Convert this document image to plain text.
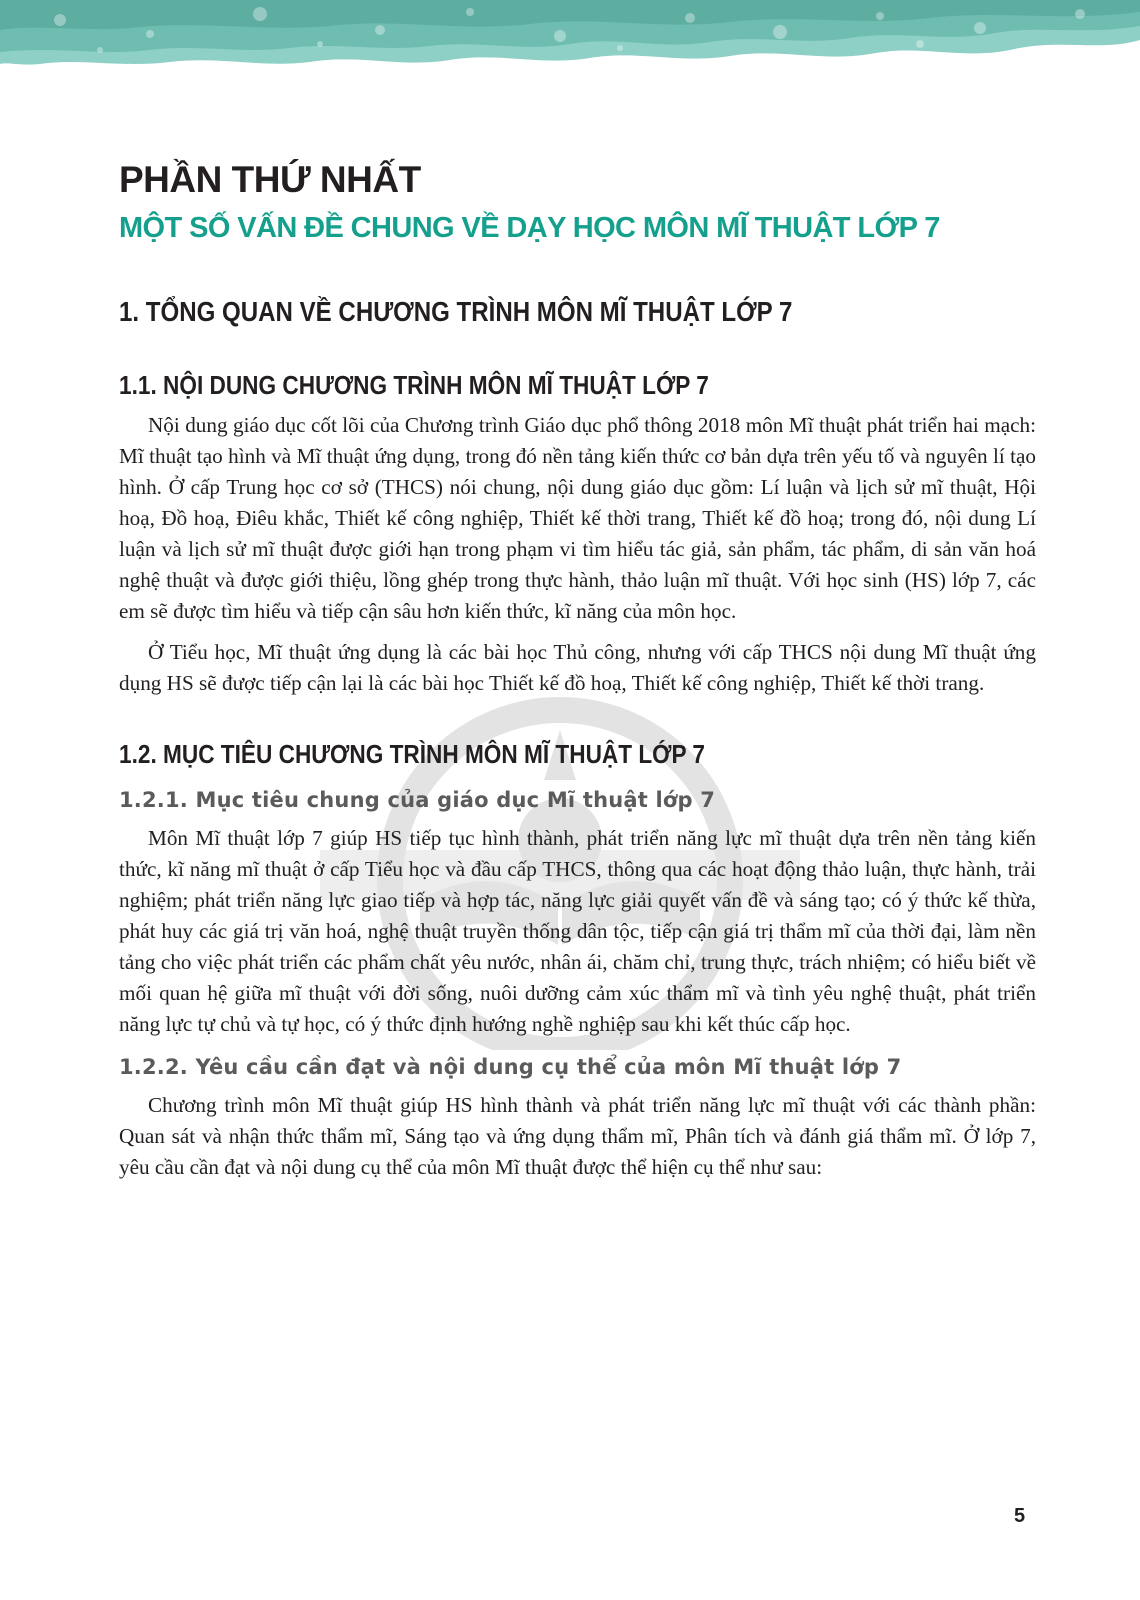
PHẦN THỨ NHẤT
MỘT SỐ VẤN ĐỀ CHUNG VỀ DẠY HỌC MÔN MĨ THUẬT LỚP 7
1. TỔNG QUAN VỀ CHƯƠNG TRÌNH MÔN MĨ THUẬT LỚP 7
1.1. NỘI DUNG CHƯƠNG TRÌNH MÔN MĨ THUẬT LỚP 7

Nội dung giáo dục cốt lõi của Chương trình Giáo dục phổ thông 2018 môn Mĩ thuật phát triển hai mạch: Mĩ thuật tạo hình và Mĩ thuật ứng dụng, trong đó nền tảng kiến thức cơ bản dựa trên yếu tố và nguyên lí tạo hình. Ở cấp Trung học cơ sở (THCS) nói chung, nội dung giáo dục gồm: Lí luận và lịch sử mĩ thuật, Hội hoạ, Đồ hoạ, Điêu khắc, Thiết kế công nghiệp, Thiết kế thời trang, Thiết kế đồ hoạ; trong đó, nội dung Lí luận và lịch sử mĩ thuật được giới hạn trong phạm vi tìm hiểu tác giả, sản phẩm, tác phẩm, di sản văn hoá nghệ thuật và được giới thiệu, lồng ghép trong thực hành, thảo luận mĩ thuật. Với học sinh (HS) lớp 7, các em sẽ được tìm hiểu và tiếp cận sâu hơn kiến thức, kĩ năng của môn học.

Ở Tiểu học, Mĩ thuật ứng dụng là các bài học Thủ công, nhưng với cấp THCS nội dung Mĩ thuật ứng dụng HS sẽ được tiếp cận lại là các bài học Thiết kế đồ hoạ, Thiết kế công nghiệp, Thiết kế thời trang.

1.2. MỤC TIÊU CHƯƠNG TRÌNH MÔN MĨ THUẬT LỚP 7
1.2.1. Mục tiêu chung của giáo dục Mĩ thuật lớp 7

Môn Mĩ thuật lớp 7 giúp HS tiếp tục hình thành, phát triển năng lực mĩ thuật dựa trên nền tảng kiến thức, kĩ năng mĩ thuật ở cấp Tiểu học và đầu cấp THCS, thông qua các hoạt động thảo luận, thực hành, trải nghiệm; phát triển năng lực giao tiếp và hợp tác, năng lực giải quyết vấn đề và sáng tạo; có ý thức kế thừa, phát huy các giá trị văn hoá, nghệ thuật truyền thống dân tộc, tiếp cận giá trị thẩm mĩ của thời đại, làm nền tảng cho việc phát triển các phẩm chất yêu nước, nhân ái, chăm chỉ, trung thực, trách nhiệm; có hiểu biết về mối quan hệ giữa mĩ thuật với đời sống, nuôi dưỡng cảm xúc thẩm mĩ và tình yêu nghệ thuật, phát triển năng lực tự chủ và tự học, có ý thức định hướng nghề nghiệp sau khi kết thúc cấp học.

1.2.2. Yêu cầu cần đạt và nội dung cụ thể của môn Mĩ thuật lớp 7

Chương trình môn Mĩ thuật giúp HS hình thành và phát triển năng lực mĩ thuật với các thành phần: Quan sát và nhận thức thẩm mĩ, Sáng tạo và ứng dụng thẩm mĩ, Phân tích và đánh giá thẩm mĩ. Ở lớp 7, yêu cầu cần đạt và nội dung cụ thể của môn Mĩ thuật được thể hiện cụ thể như sau:

5
